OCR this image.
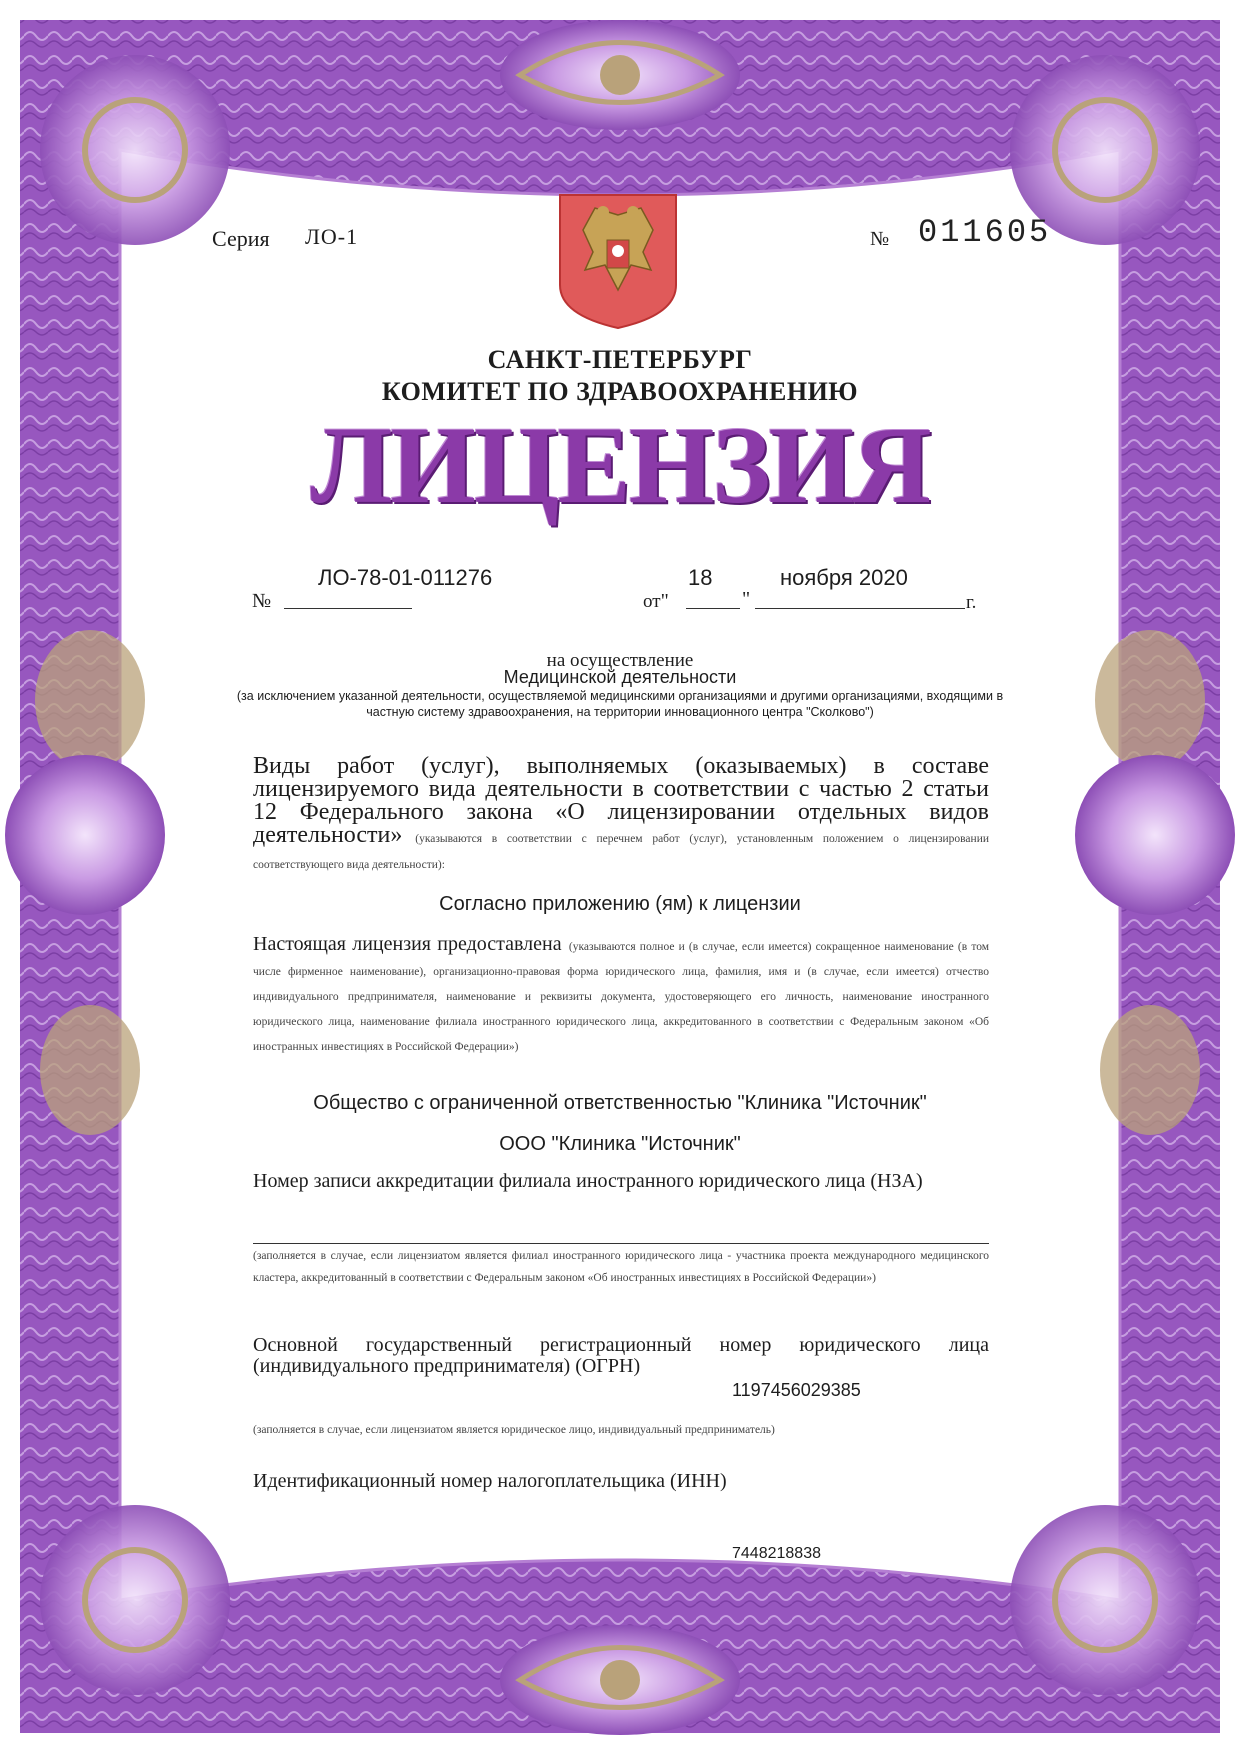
Серия ЛО-1	№ 011605
САНКТ-ПЕТЕРБУРГ
КОМИТЕТ ПО ЗДРАВООХРАНЕНИЮ
ЛИЦЕНЗИЯ
№
ЛО-78-01-011276
от"
18
"
ноября 2020
г.
на осуществление
Медицинской деятельности
(за исключением указанной деятельности, осуществляемой медицинскими организациями и другими организациями, входящими в частную систему здравоохранения, на территории инновационного центра "Сколково")
Виды работ (услуг), выполняемых (оказываемых) в составе лицензируемого вида деятельности в соответствии с частью 2 статьи 12 Федерального закона «О лицензировании отдельных видов деятельности» (указываются в соответствии с перечнем работ (услуг), установленным положением о лицензировании соответствующего вида деятельности):
Согласно приложению (ям) к лицензии
Настоящая лицензия предоставлена (указываются полное и (в случае, если имеется) сокращенное наименование (в том числе фирменное наименование), организационно-правовая форма юридического лица, фамилия, имя и (в случае, если имеется) отчество индивидуального предпринимателя, наименование и реквизиты документа, удостоверяющего его личность, наименование иностранного юридического лица, наименование филиала иностранного юридического лица, аккредитованного в соответствии с Федеральным законом «Об иностранных инвестициях в Российской Федерации»)
Общество с ограниченной ответственностью "Клиника "Источник"
ООО "Клиника "Источник"
Номер записи аккредитации филиала иностранного юридического лица (НЗА)
(заполняется в случае, если лицензиатом является филиал иностранного юридического лица - участника проекта международного медицинского кластера, аккредитованный в соответствии с Федеральным законом «Об иностранных инвестициях в Российской Федерации»)
Основной государственный регистрационный номер юридического лица (индивидуального предпринимателя) (ОГРН)
1197456029385
(заполняется в случае, если лицензиатом является юридическое лицо, индивидуальный предприниматель)
Идентификационный номер налогоплательщика (ИНН)
7448218838
